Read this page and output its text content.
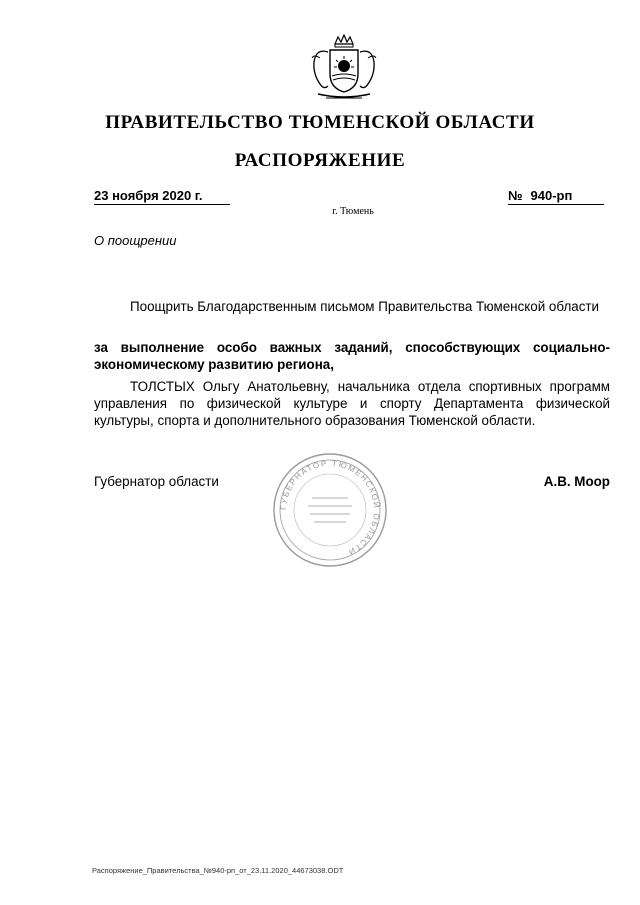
ПРАВИТЕЛЬСТВО ТЮМЕНСКОЙ ОБЛАСТИ
РАСПОРЯЖЕНИЕ
23 ноября 2020 г.	№ 940-рп
г. Тюмень
О поощрении
Поощрить Благодарственным письмом Правительства Тюменской области
за выполнение особо важных заданий, способствующих социально-экономическому развитию региона,
ТОЛСТЫХ Ольгу Анатольевну, начальника отдела спортивных программ управления по физической культуре и спорту Департамента физической культуры, спорта и дополнительного образования Тюменской области.
ГУБЕРНАТОР ТЮМЕНСКОЙ ОБЛАСТИ
Губернатор области	А.В. Моор
Распоряжение_Правительства_№940-рп_от_23.11.2020_44673038.ODT
